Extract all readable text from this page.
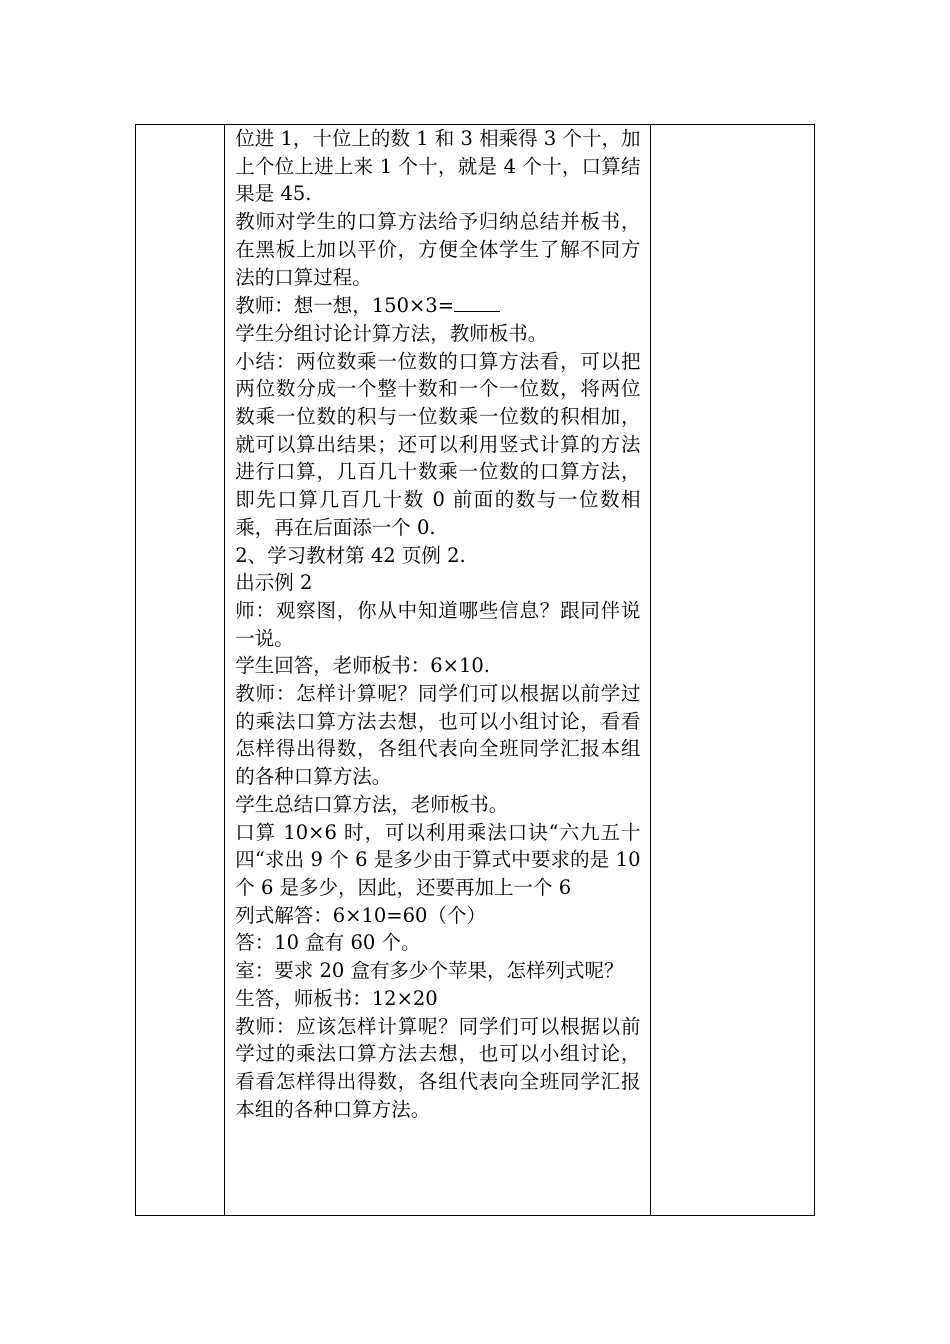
位进 1，十位上的数 1 和 3 相乘得 3 个十，加上个位上进上来 1 个十，就是 4 个十，口算结果是 45.

教师对学生的口算方法给予归纳总结并板书，在黑板上加以平价，方便全体学生了解不同方法的口算过程。

教师：想一想，150×3=

学生分组讨论计算方法，教师板书。

小结：两位数乘一位数的口算方法看，可以把两位数分成一个整十数和一个一位数，将两位数乘一位数的积与一位数乘一位数的积相加，就可以算出结果；还可以利用竖式计算的方法进行口算，几百几十数乘一位数的口算方法，即先口算几百几十数 0 前面的数与一位数相乘，再在后面添一个 0.

2、学习教材第 42 页例 2.

出示例 2

师：观察图，你从中知道哪些信息？跟同伴说一说。

学生回答，老师板书：6×10.

教师：怎样计算呢？同学们可以根据以前学过的乘法口算方法去想，也可以小组讨论，看看怎样得出得数，各组代表向全班同学汇报本组的各种口算方法。

学生总结口算方法，老师板书。

口算 10×6 时，可以利用乘法口诀“六九五十四“求出 9 个 6 是多少由于算式中要求的是 10 个 6 是多少，因此，还要再加上一个 6

列式解答：6×10=60（个）

答：10 盒有 60 个。

室：要求 20 盒有多少个苹果，怎样列式呢？

生答，师板书：12×20

教师：应该怎样计算呢？同学们可以根据以前学过的乘法口算方法去想，也可以小组讨论，看看怎样得出得数，各组代表向全班同学汇报本组的各种口算方法。
